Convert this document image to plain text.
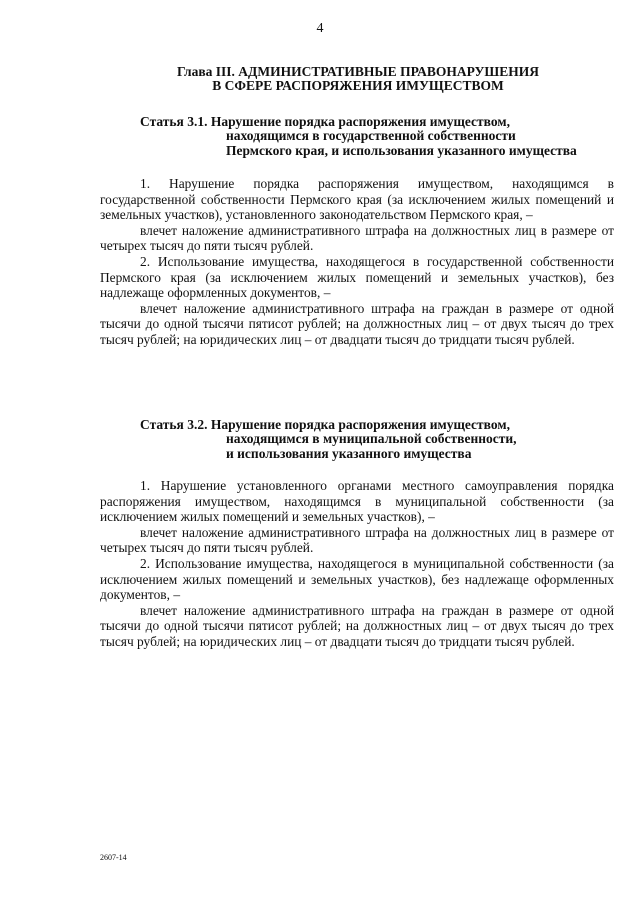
4
Глава III. АДМИНИСТРАТИВНЫЕ ПРАВОНАРУШЕНИЯ
В СФЕРЕ РАСПОРЯЖЕНИЯ ИМУЩЕСТВОМ
Статья 3.1. Нарушение порядка распоряжения имуществом,
находящимся в государственной собственности
Пермского края, и использования указанного имущества

1. Нарушение порядка распоряжения имуществом, находящимся в государственной собственности Пермского края (за исключением жилых помещений и земельных участков), установленного законодательством Пермского края, –

влечет наложение административного штрафа на должностных лиц в размере от четырех тысяч до пяти тысяч рублей.

2. Использование имущества, находящегося в государственной собственности Пермского края (за исключением жилых помещений и земельных участков), без надлежаще оформленных документов, –

влечет наложение административного штрафа на граждан в размере от одной тысячи до одной тысячи пятисот рублей; на должностных лиц – от двух тысяч до трех тысяч рублей; на юридических лиц – от двадцати тысяч до тридцати тысяч рублей.

Статья 3.2. Нарушение порядка распоряжения имуществом,
находящимся в муниципальной собственности,
и использования указанного имущества

1. Нарушение установленного органами местного самоуправления порядка распоряжения имуществом, находящимся в муниципальной собственности (за исключением жилых помещений и земельных участков), –

влечет наложение административного штрафа на должностных лиц в размере от четырех тысяч до пяти тысяч рублей.

2. Использование имущества, находящегося в муниципальной собственности (за исключением жилых помещений и земельных участков), без надлежаще оформленных документов, –

влечет наложение административного штрафа на граждан в размере от одной тысячи до одной тысячи пятисот рублей; на должностных лиц – от двух тысяч до трех тысяч рублей; на юридических лиц – от двадцати тысяч до тридцати тысяч рублей.

2607-14
